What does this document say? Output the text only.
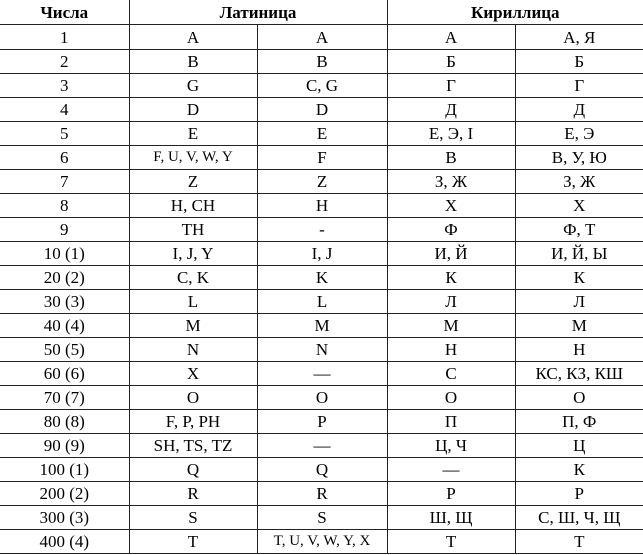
Числа	Латиница		Кириллица	
1	A	A	А	А, Я
2	B	B	Б	Б
3	G	C, G	Г	Г
4	D	D	Д	Д
5	E	E	Е, Э, I	Е, Э
6	F, U, V, W, Y	F	В	В, У, Ю
7	Z	Z	З, Ж	З, Ж
8	H, CH	H	Х	Х
9	TH	-	Ф	Ф, Т
10 (1)	I, J, Y	I, J	И, Й	И, Й, Ы
20 (2)	C, K	K	К	К
30 (3)	L	L	Л	Л
40 (4)	M	M	М	М
50 (5)	N	N	Н	Н
60 (6)	X	—	С	КС, КЗ, КШ
70 (7)	O	O	О	О
80 (8)	F, P, PH	P	П	П, Ф
90 (9)	SH, TS, TZ	—	Ц, Ч	Ц
100 (1)	Q	Q	—	К
200 (2)	R	R	Р	Р
300 (3)	S	S	Ш, Щ	С, Ш, Ч, Щ
400 (4)	T	T, U, V, W, Y, X	Т	Т
